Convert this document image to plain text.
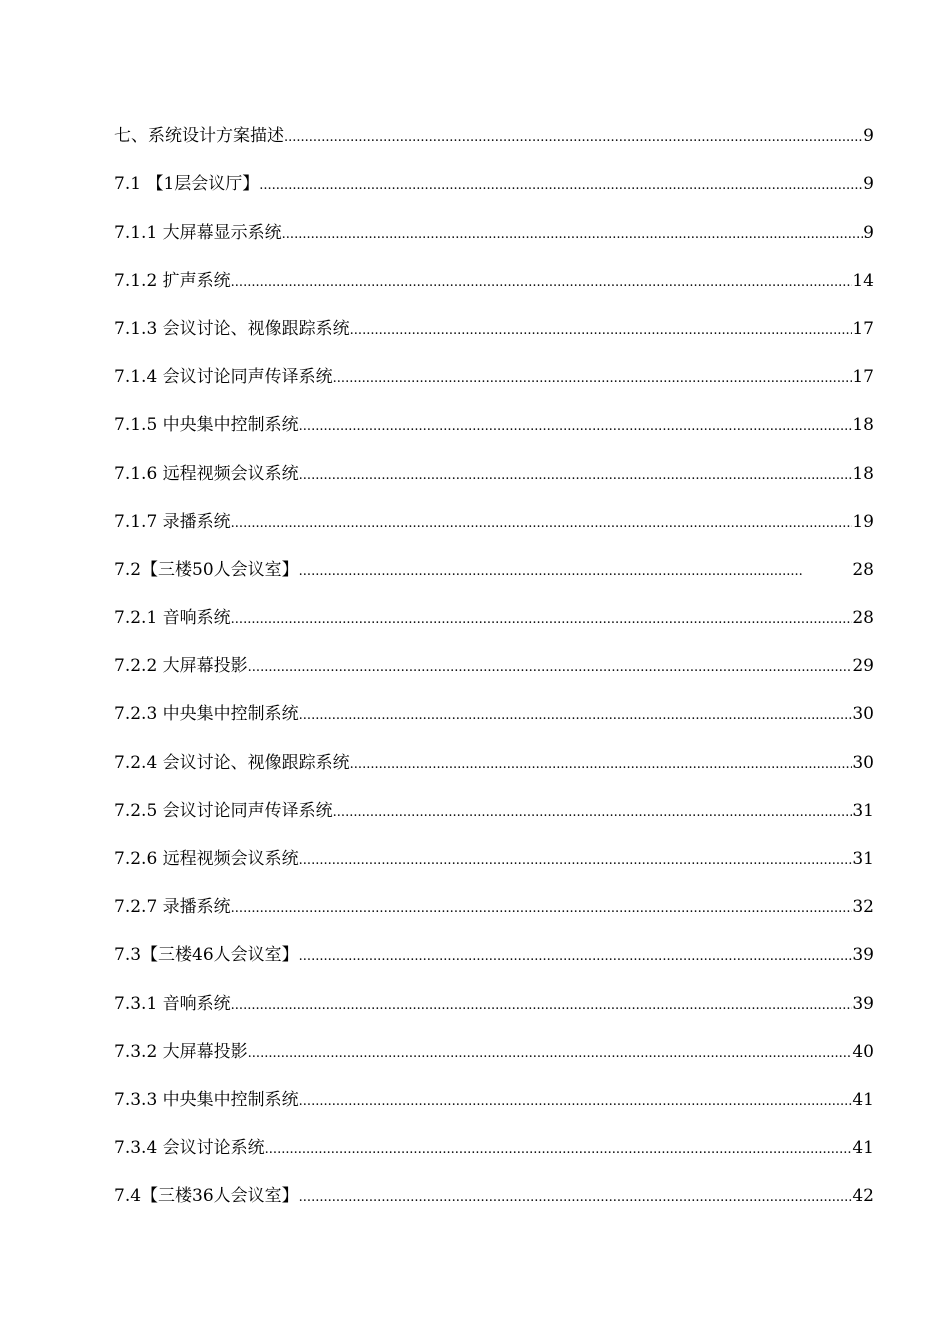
七、系统设计方案描述 .....	9
7.1 【1层会议厅】 .....	9
7.1.1 大屏幕显示系统 .....	9
7.1.2 扩声系统 .....	14
7.1.3 会议讨论、视像跟踪系统 .....	17
7.1.4 会议讨论同声传译系统 .....	17
7.1.5 中央集中控制系统 .....	18
7.1.6 远程视频会议系统 .....	18
7.1.7 录播系统 .....	19
7.2【三楼50人会议室】 .....	28
7.2.1 音响系统 .....	28
7.2.2 大屏幕投影 .....	29
7.2.3 中央集中控制系统 .....	30
7.2.4 会议讨论、视像跟踪系统 .....	30
7.2.5 会议讨论同声传译系统 .....	31
7.2.6 远程视频会议系统 .....	31
7.2.7 录播系统 .....	32
7.3【三楼46人会议室】 .....	39
7.3.1 音响系统 .....	39
7.3.2 大屏幕投影 .....	40
7.3.3 中央集中控制系统 .....	41
7.3.4 会议讨论系统 .....	41
7.4【三楼36人会议室】 .....	42
